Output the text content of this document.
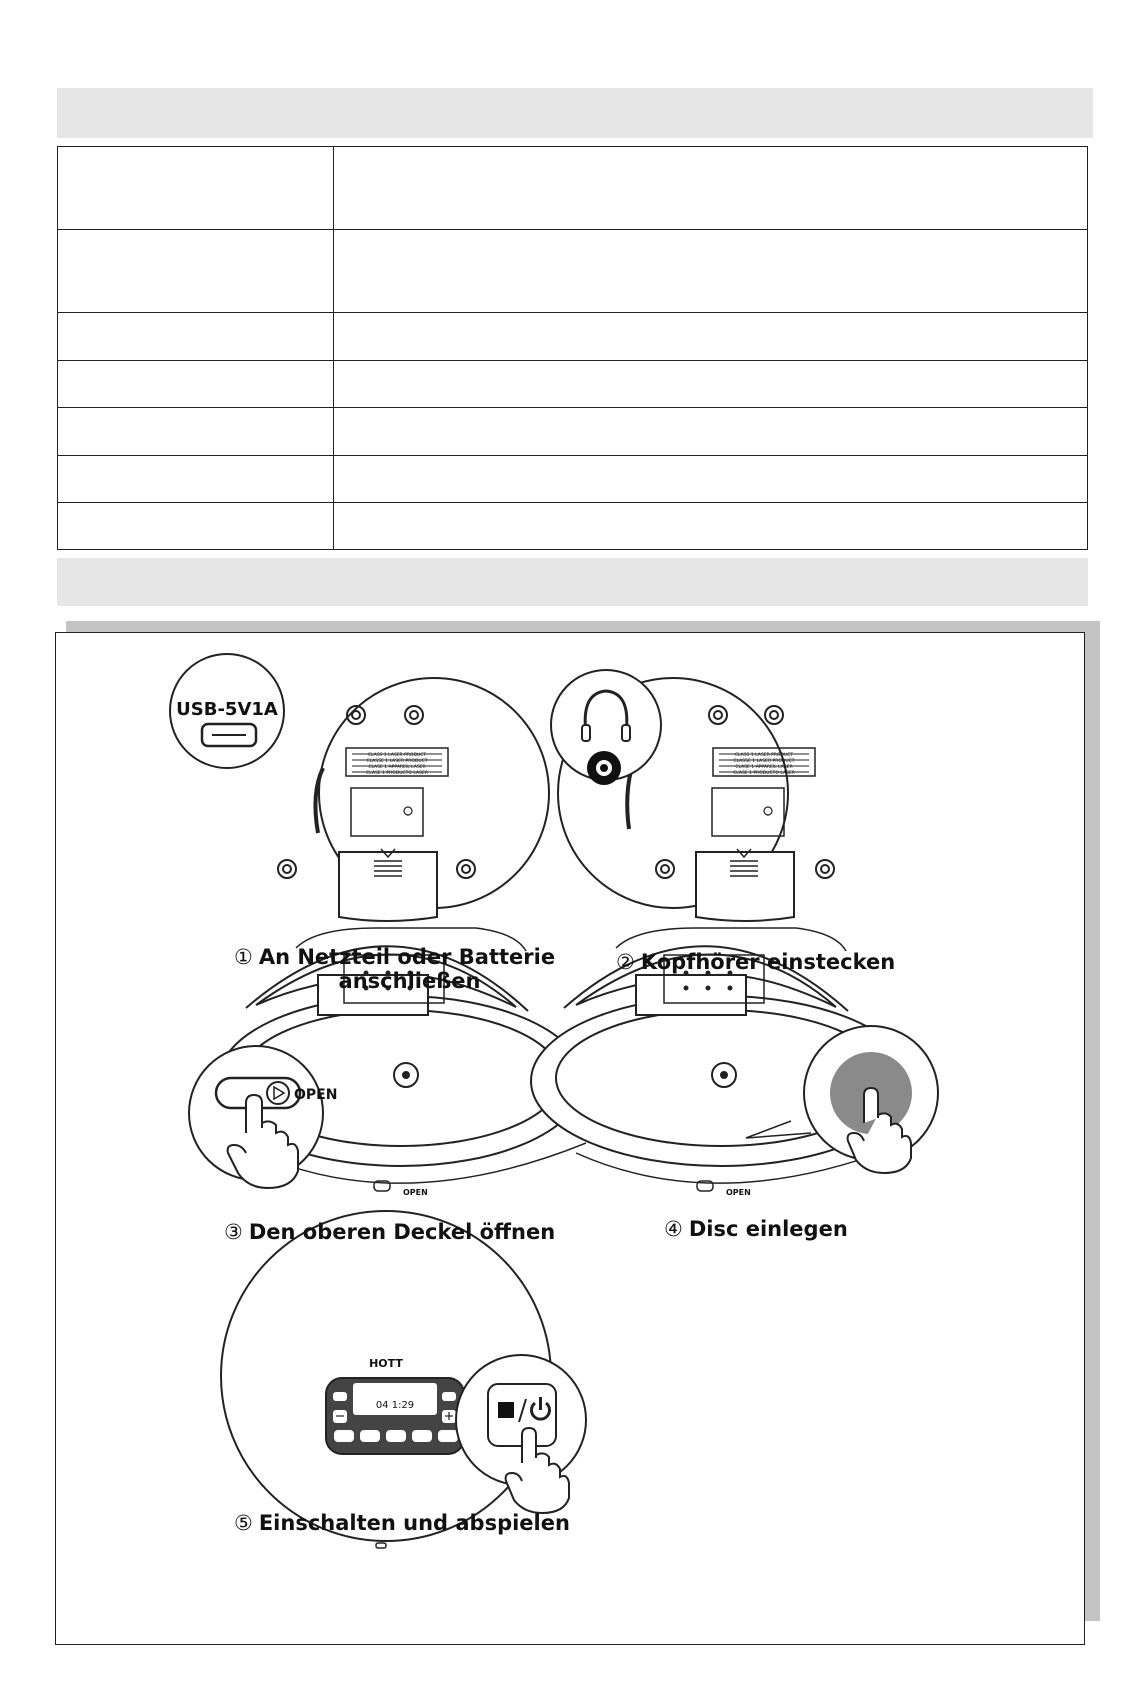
USB-5V1A
CLASS 1 LASER PRODUCT
CLASSE 1 LASER PRODUCT
CLASE 1 APPAREIL LASER
CLASE 1 PRODUCTO LASER
CLASS 1 LASER PRODUCT
CLASSE 1 LASER PRODUCT
CLASE 1 APPAREIL LASER
CLASE 1 PRODUCTO LASER
OPEN
OPEN	OPEN
HOTT
04 1:29
① An Netzteil oder Batterie
anschließen
② Kopfhörer einstecken
③ Den oberen Deckel öffnen	④ Disc einlegen
⑤ Einschalten und abspielen
